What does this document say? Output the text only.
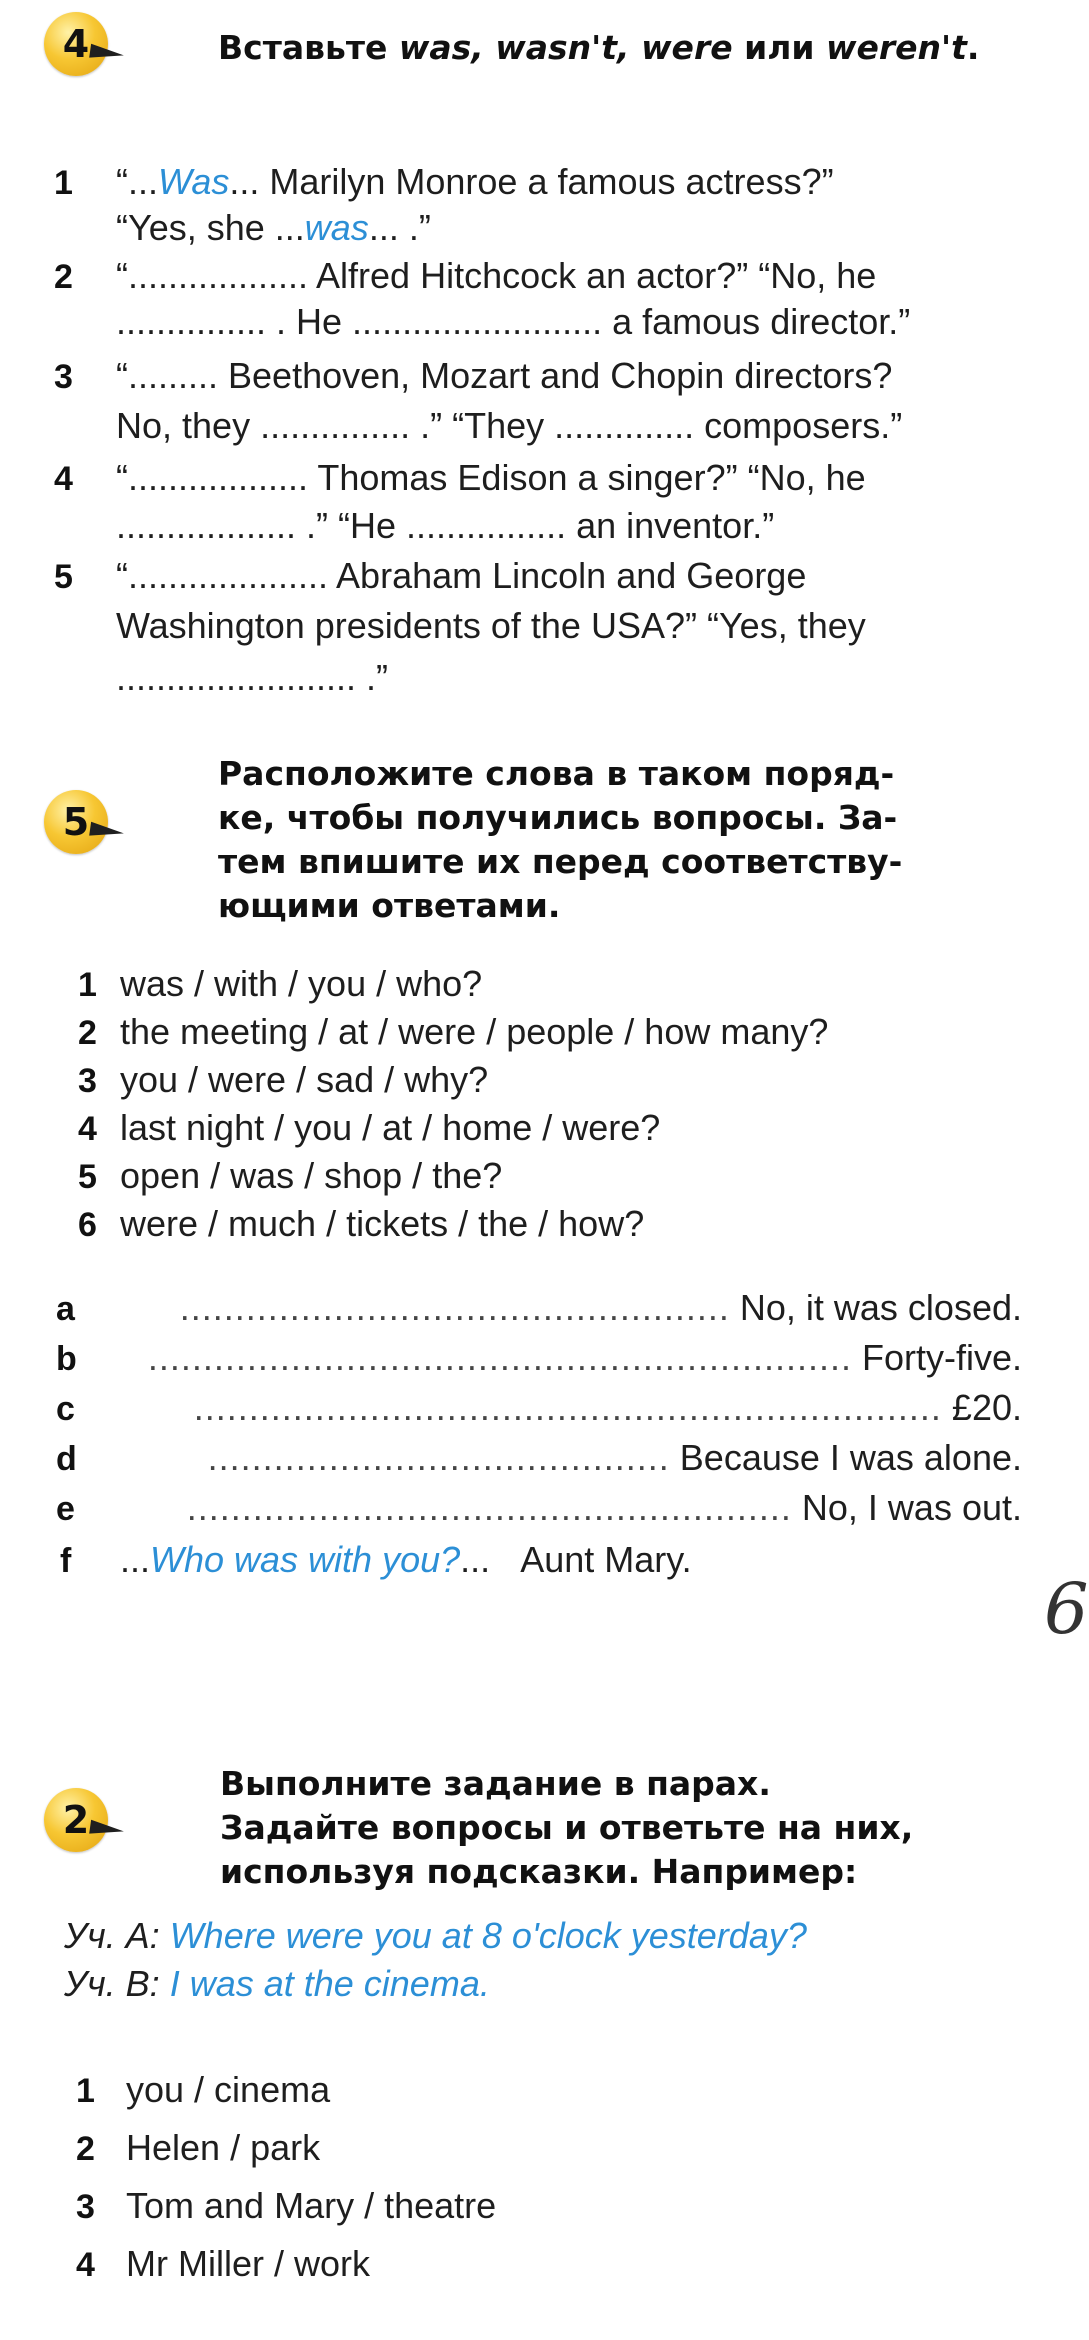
4	Вставьте was, wasn't, were или weren't.
1 “...Was... Marilyn Monroe a famous actress?”
“Yes, she ...was... .”
2 “.................. Alfred Hitchcock an actor?” “No, he
............... . He ......................... a famous director.”
3 “......... Beethoven, Mozart and Chopin directors?
No, they ............... .” “They .............. composers.”
4 “.................. Thomas Edison a singer?” “No, he
.................. .” “He ................ an inventor.”
5 “.................... Abraham Lincoln and George
Washington presidents of the USA?” “Yes, they
........................ .”
5
Расположите слова в таком поряд-
ке, чтобы получились вопросы. За-
тем впишите их перед соответству-
ющими ответами.
1 was / with / you / who?
2 the meeting / at / were / people / how many?
3 you / were / sad / why?
4 last night / you / at / home / were?
5 open / was / shop / the?
6 were / much / tickets / the / how?
a	.................................................. No, it was closed.
b	................................................................ Forty-five.
c	.................................................................... £20.
d	.......................................... Because I was alone.
e	....................................................... No, I was out.
f ...Who was with you?... Aunt Mary.
6
2
Выполните задание в парах.
Задайте вопросы и ответьте на них,
используя подсказки. Например:
Уч. А: Where were you at 8 o'clock yesterday?
Уч. В: I was at the cinema.
1 you / cinema
2 Helen / park
3 Tom and Mary / theatre
4 Mr Miller / work
